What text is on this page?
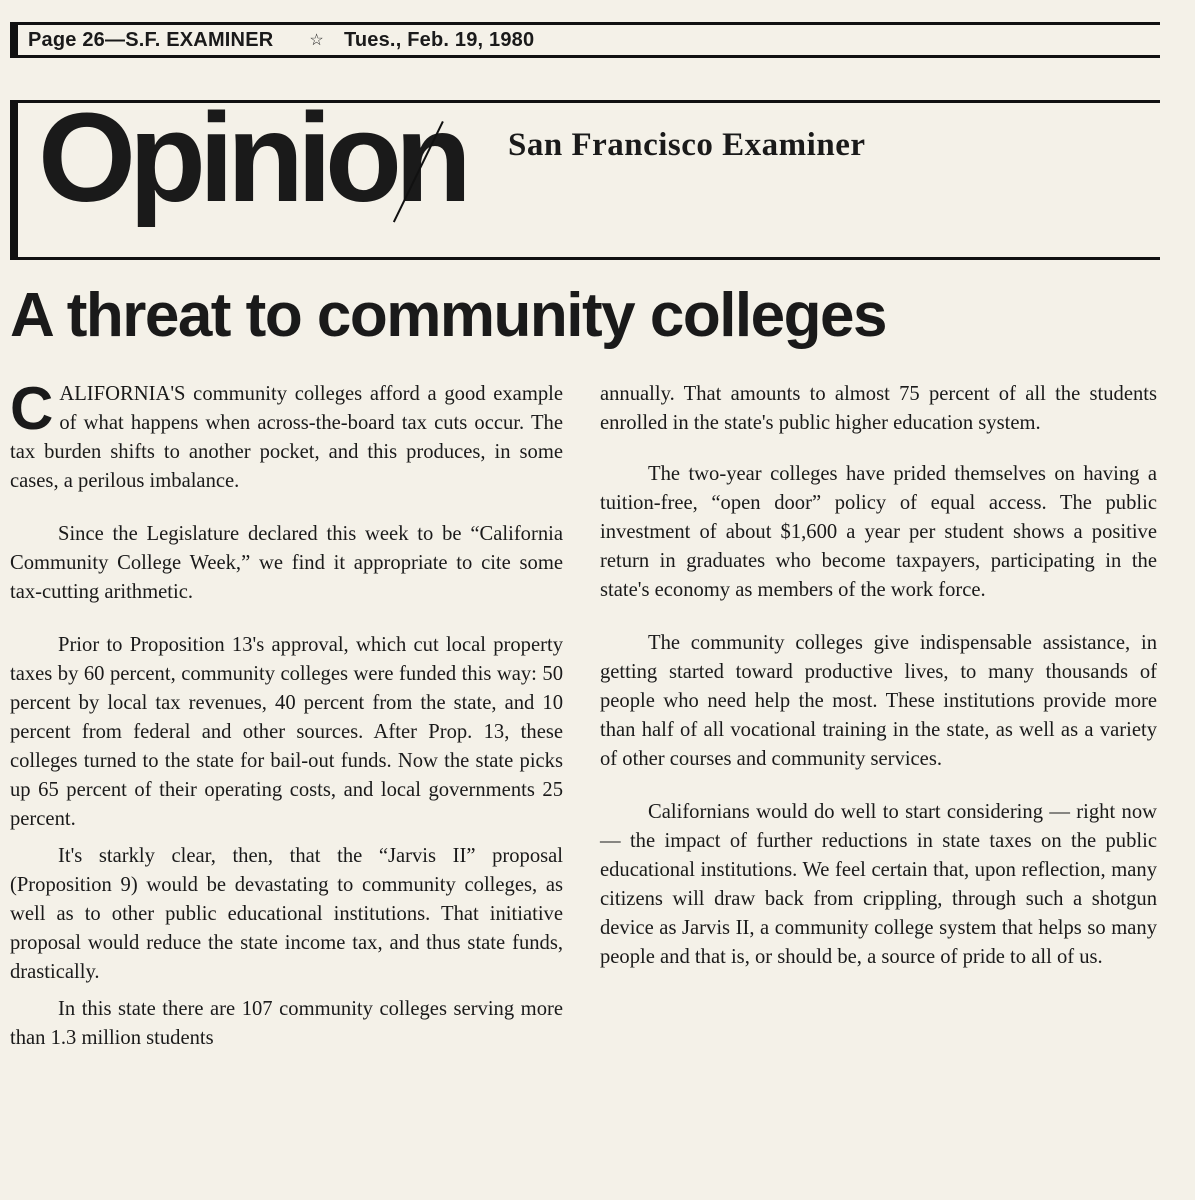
Page 26—S.F. EXAMINER ☆ Tues., Feb. 19, 1980
Opinion San Francisco Examiner
A threat to community colleges

CALIFORNIA'S community colleges afford a good example of what happens when across-the-board tax cuts occur. The tax burden shifts to another pocket, and this produces, in some cases, a perilous imbalance.

Since the Legislature declared this week to be “California Community College Week,” we find it appropriate to cite some tax-cutting arithmetic.

Prior to Proposition 13's approval, which cut local property taxes by 60 percent, community colleges were funded this way: 50 percent by local tax revenues, 40 percent from the state, and 10 percent from federal and other sources. After Prop. 13, these colleges turned to the state for bail-out funds. Now the state picks up 65 percent of their operating costs, and local governments 25 percent.

It's starkly clear, then, that the “Jarvis II” proposal (Proposition 9) would be devastating to community colleges, as well as to other public educational institutions. That initiative proposal would reduce the state income tax, and thus state funds, drastically.

In this state there are 107 community colleges serving more than 1.3 million students

annually. That amounts to almost 75 percent of all the students enrolled in the state's public higher education system.

The two-year colleges have prided themselves on having a tuition-free, “open door” policy of equal access. The public investment of about $1,600 a year per student shows a positive return in graduates who become taxpayers, participating in the state's economy as members of the work force.

The community colleges give indispensable assistance, in getting started toward productive lives, to many thousands of people who need help the most. These institutions provide more than half of all vocational training in the state, as well as a variety of other courses and community services.

Californians would do well to start considering — right now — the impact of further reductions in state taxes on the public educational institutions. We feel certain that, upon reflection, many citizens will draw back from crippling, through such a shotgun device as Jarvis II, a community college system that helps so many people and that is, or should be, a source of pride to all of us.
